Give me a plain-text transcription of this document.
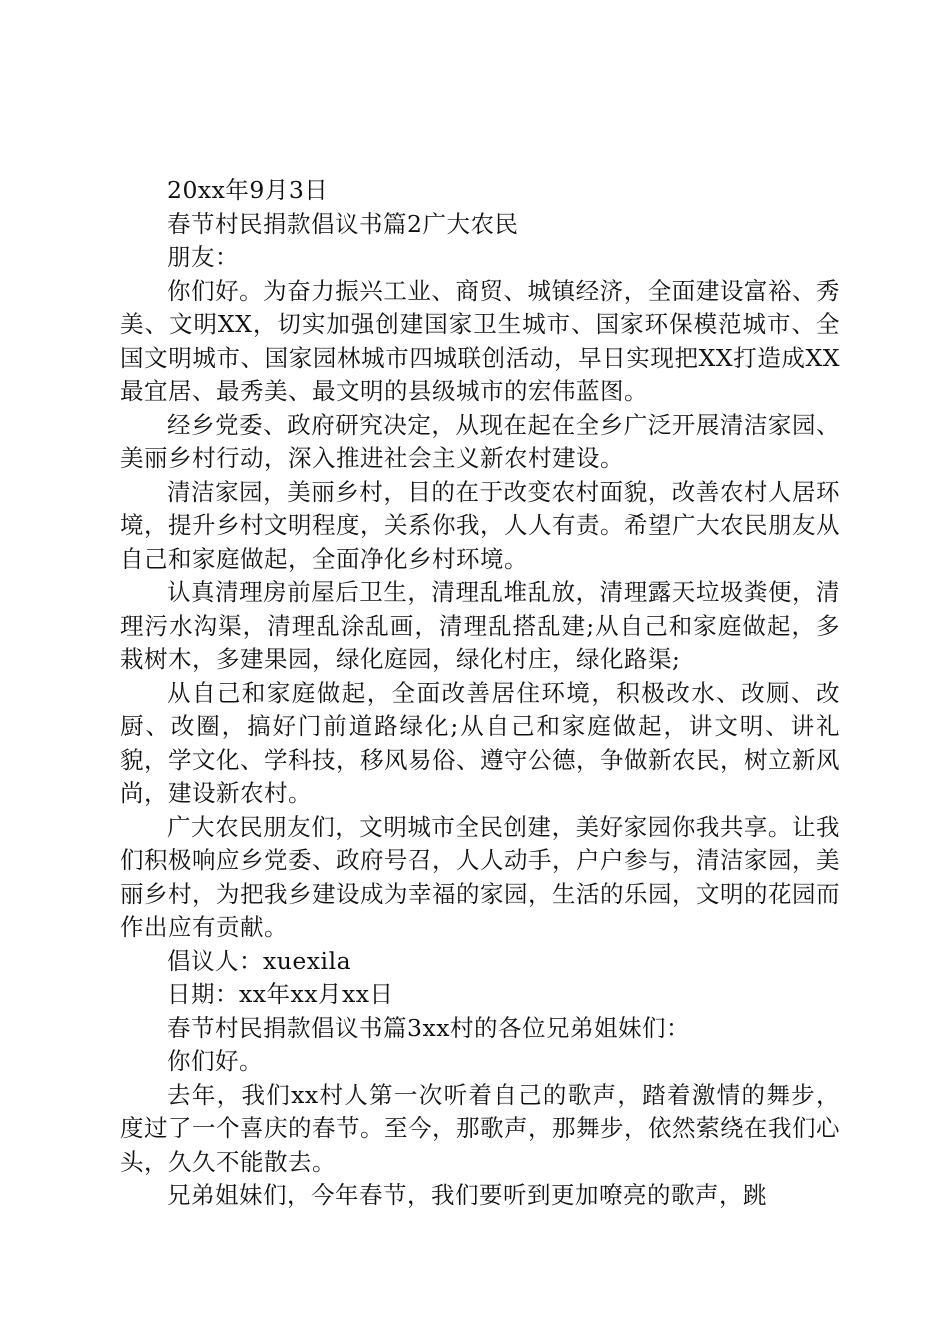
20xx年9月3日

春节村民捐款倡议书篇2广大农民

朋友：

你们好。为奋力振兴工业、商贸、城镇经济，全面建设富裕、秀美、文明XX，切实加强创建国家卫生城市、国家环保模范城市、全国文明城市、国家园林城市四城联创活动，早日实现把XX打造成XX最宜居、最秀美、最文明的县级城市的宏伟蓝图。

经乡党委、政府研究决定，从现在起在全乡广泛开展清洁家园、美丽乡村行动，深入推进社会主义新农村建设。

清洁家园，美丽乡村，目的在于改变农村面貌，改善农村人居环境，提升乡村文明程度，关系你我，人人有责。希望广大农民朋友从自己和家庭做起，全面净化乡村环境。

认真清理房前屋后卫生，清理乱堆乱放，清理露天垃圾粪便，清理污水沟渠，清理乱涂乱画，清理乱搭乱建;从自己和家庭做起，多栽树木，多建果园，绿化庭园，绿化村庄，绿化路渠;

从自己和家庭做起，全面改善居住环境，积极改水、改厕、改厨、改圈，搞好门前道路绿化;从自己和家庭做起，讲文明、讲礼貌，学文化、学科技，移风易俗、遵守公德，争做新农民，树立新风尚，建设新农村。

广大农民朋友们，文明城市全民创建，美好家园你我共享。让我们积极响应乡党委、政府号召，人人动手，户户参与，清洁家园，美丽乡村，为把我乡建设成为幸福的家园，生活的乐园，文明的花园而作出应有贡献。

倡议人：xuexila

日期：xx年xx月xx日

春节村民捐款倡议书篇3xx村的各位兄弟姐妹们：

你们好。

去年，我们xx村人第一次听着自己的歌声，踏着激情的舞步，度过了一个喜庆的春节。至今，那歌声，那舞步，依然萦绕在我们心头，久久不能散去。

兄弟姐妹们，今年春节，我们要听到更加嘹亮的歌声，跳
